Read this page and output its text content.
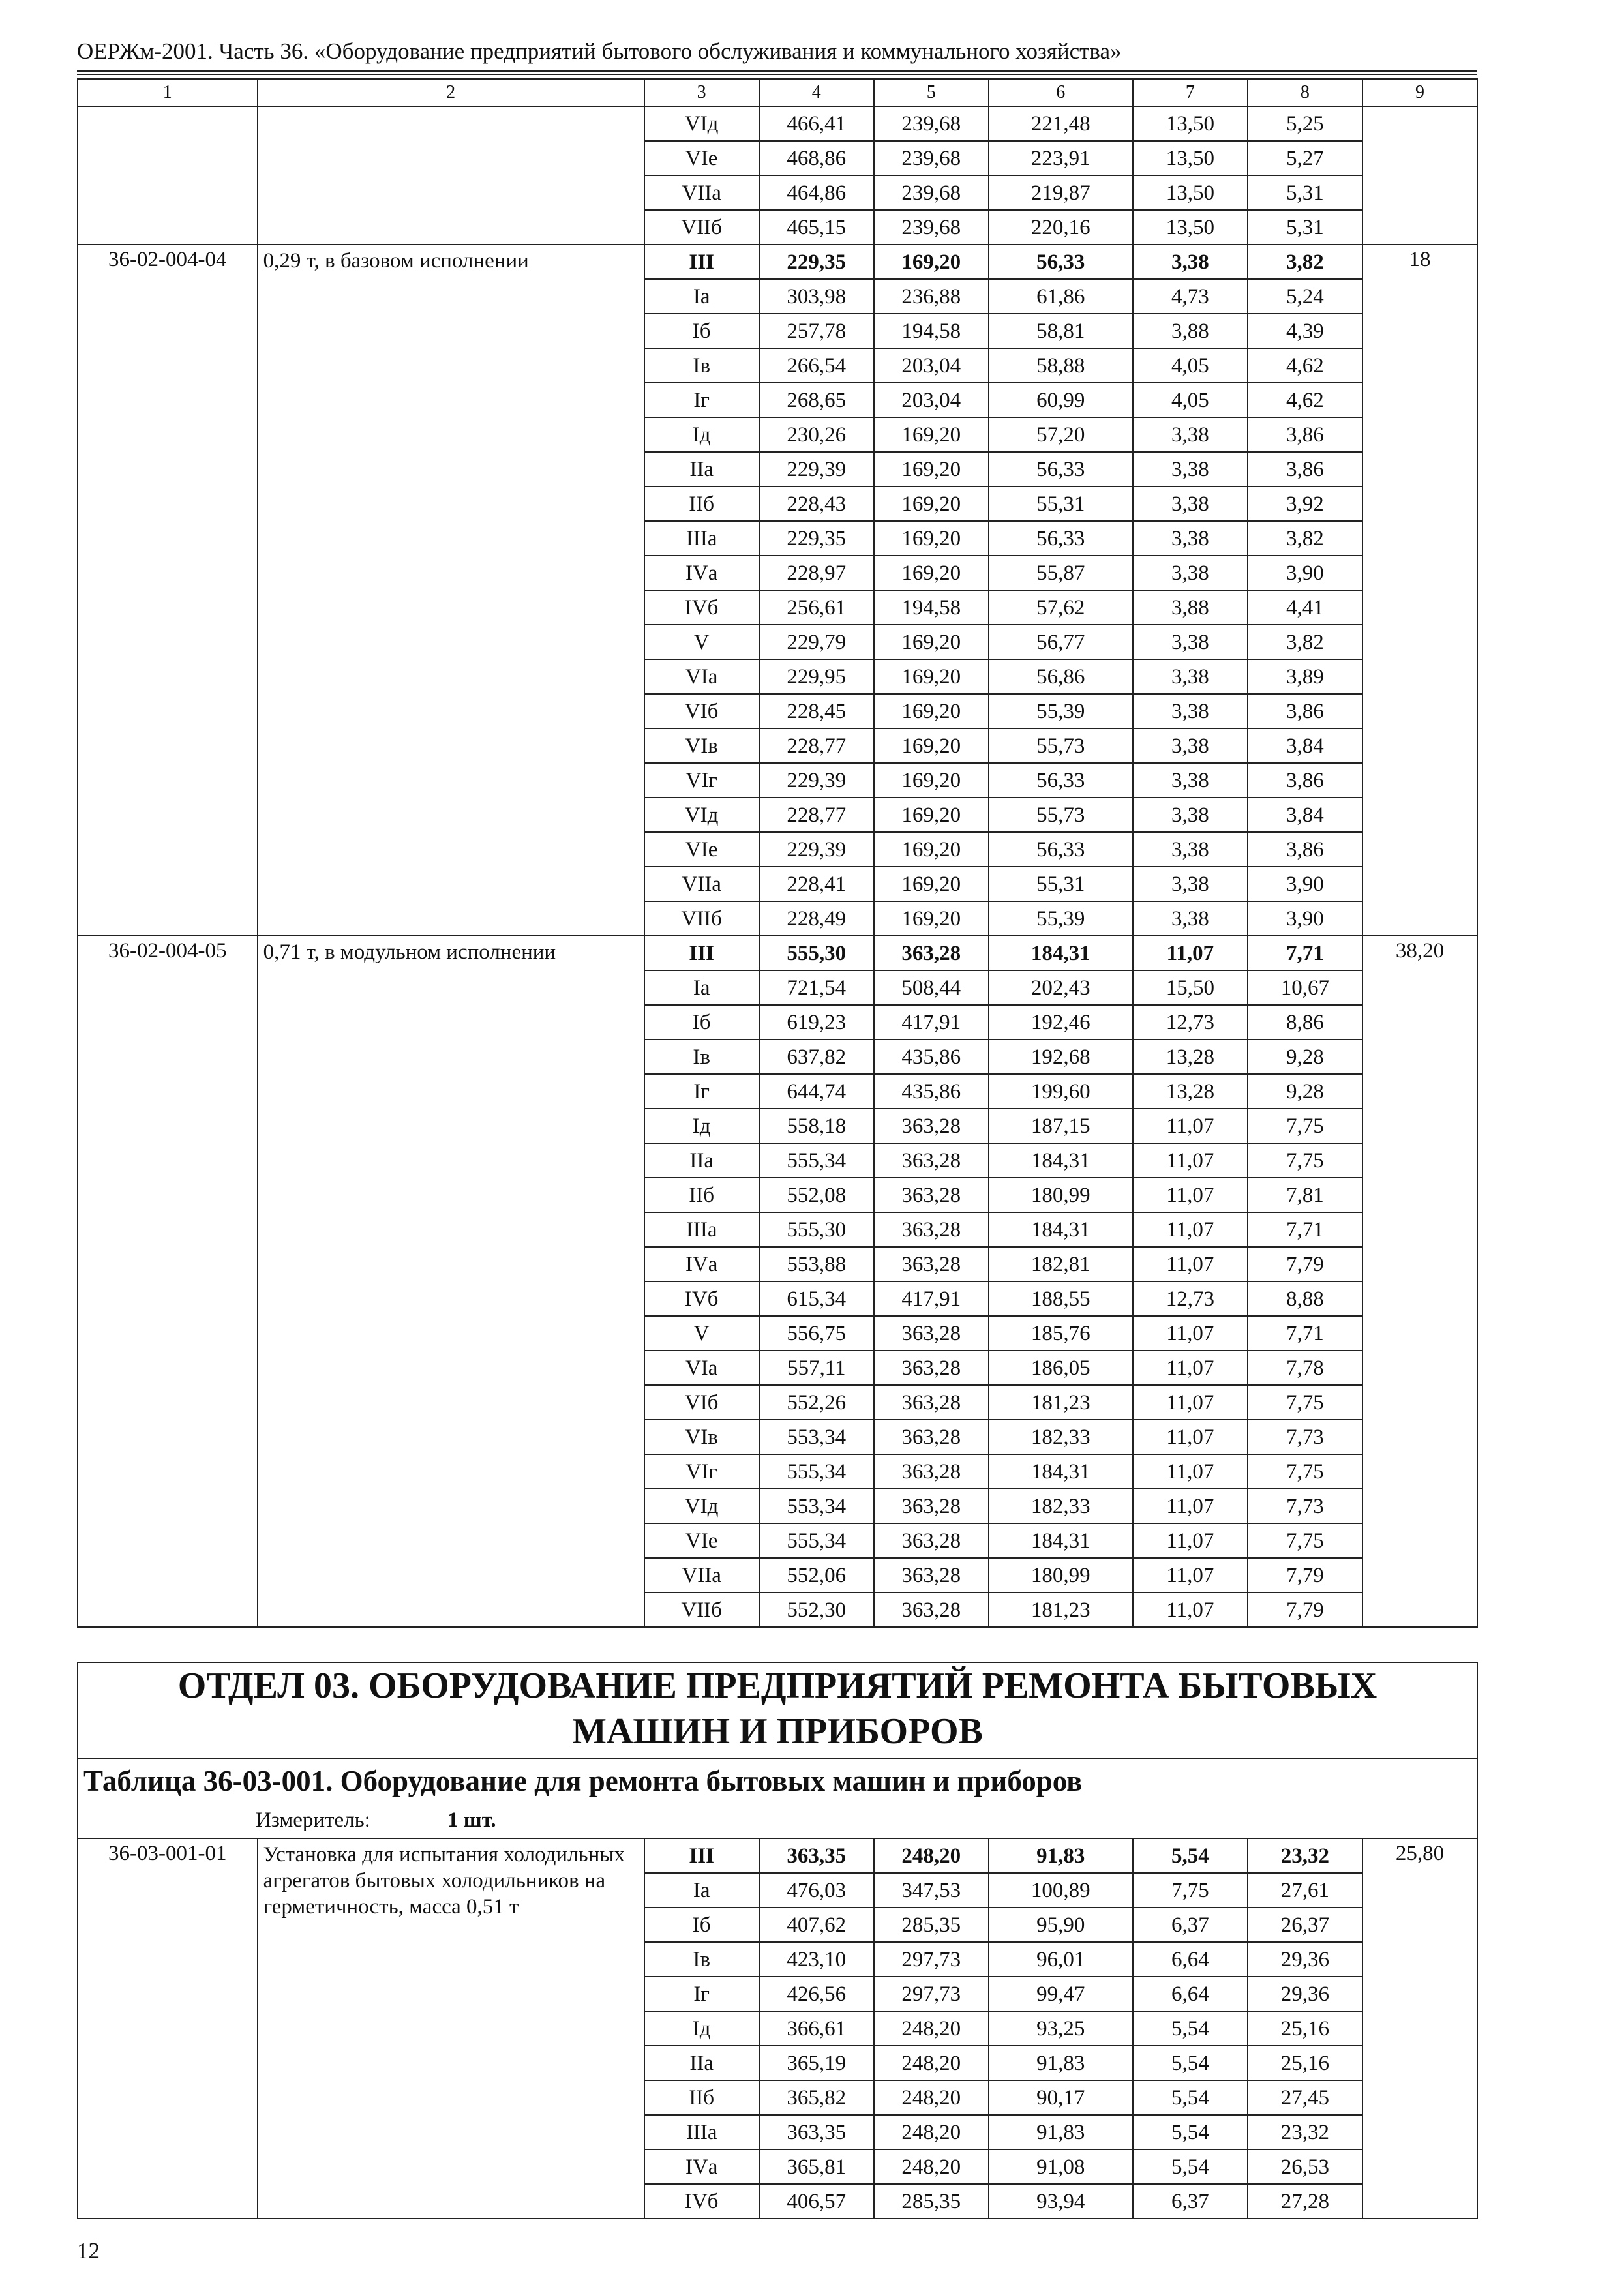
ОЕРЖм-2001. Часть 36. «Оборудование предприятий бытового обслуживания и коммунального хозяйства»
1	2	3	4	5	6	7	8	9
		VIд	466,41	239,68	221,48	13,50	5,25	
		VIе	468,86	239,68	223,91	13,50	5,27	
		VIIа	464,86	239,68	219,87	13,50	5,31	
		VIIб	465,15	239,68	220,16	13,50	5,31	
36-02-004-04	0,29 т, в базовом исполнении	III	229,35	169,20	56,33	3,38	3,82	18
		Iа	303,98	236,88	61,86	4,73	5,24	
		Iб	257,78	194,58	58,81	3,88	4,39	
		Iв	266,54	203,04	58,88	4,05	4,62	
		Iг	268,65	203,04	60,99	4,05	4,62	
		Iд	230,26	169,20	57,20	3,38	3,86	
		IIа	229,39	169,20	56,33	3,38	3,86	
		IIб	228,43	169,20	55,31	3,38	3,92	
		IIIа	229,35	169,20	56,33	3,38	3,82	
		IVа	228,97	169,20	55,87	3,38	3,90	
		IVб	256,61	194,58	57,62	3,88	4,41	
		V	229,79	169,20	56,77	3,38	3,82	
		VIа	229,95	169,20	56,86	3,38	3,89	
		VIб	228,45	169,20	55,39	3,38	3,86	
		VIв	228,77	169,20	55,73	3,38	3,84	
		VIг	229,39	169,20	56,33	3,38	3,86	
		VIд	228,77	169,20	55,73	3,38	3,84	
		VIе	229,39	169,20	56,33	3,38	3,86	
		VIIа	228,41	169,20	55,31	3,38	3,90	
		VIIб	228,49	169,20	55,39	3,38	3,90	
36-02-004-05	0,71 т, в модульном исполнении	III	555,30	363,28	184,31	11,07	7,71	38,20
		Iа	721,54	508,44	202,43	15,50	10,67	
		Iб	619,23	417,91	192,46	12,73	8,86	
		Iв	637,82	435,86	192,68	13,28	9,28	
		Iг	644,74	435,86	199,60	13,28	9,28	
		Iд	558,18	363,28	187,15	11,07	7,75	
		IIа	555,34	363,28	184,31	11,07	7,75	
		IIб	552,08	363,28	180,99	11,07	7,81	
		IIIа	555,30	363,28	184,31	11,07	7,71	
		IVа	553,88	363,28	182,81	11,07	7,79	
		IVб	615,34	417,91	188,55	12,73	8,88	
		V	556,75	363,28	185,76	11,07	7,71	
		VIа	557,11	363,28	186,05	11,07	7,78	
		VIб	552,26	363,28	181,23	11,07	7,75	
		VIв	553,34	363,28	182,33	11,07	7,73	
		VIг	555,34	363,28	184,31	11,07	7,75	
		VIд	553,34	363,28	182,33	11,07	7,73	
		VIе	555,34	363,28	184,31	11,07	7,75	
		VIIа	552,06	363,28	180,99	11,07	7,79	
		VIIб	552,30	363,28	181,23	11,07	7,79	
ОТДЕЛ 03. ОБОРУДОВАНИЕ ПРЕДПРИЯТИЙ РЕМОНТА БЫТОВЫХ
МАШИН И ПРИБОРОВ
Таблица 36-03-001. Оборудование для ремонта бытовых машин и приборов
Измеритель:	1 шт.
36-03-001-01	Установка для испытания холодильных агрегатов бытовых холодильников на герметичность, масса 0,51 т	III	363,35	248,20	91,83	5,54	23,32	25,80
		Iа	476,03	347,53	100,89	7,75	27,61	
		Iб	407,62	285,35	95,90	6,37	26,37	
		Iв	423,10	297,73	96,01	6,64	29,36	
		Iг	426,56	297,73	99,47	6,64	29,36	
		Iд	366,61	248,20	93,25	5,54	25,16	
		IIа	365,19	248,20	91,83	5,54	25,16	
		IIб	365,82	248,20	90,17	5,54	27,45	
		IIIа	363,35	248,20	91,83	5,54	23,32	
		IVа	365,81	248,20	91,08	5,54	26,53	
		IVб	406,57	285,35	93,94	6,37	27,28	
12
